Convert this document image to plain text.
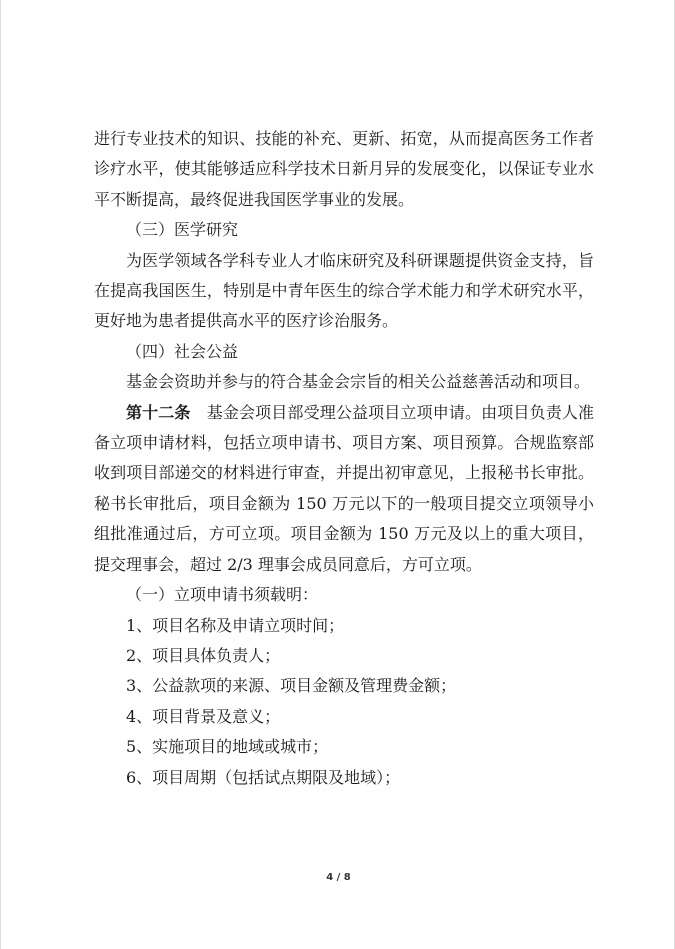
进行专业技术的知识、技能的补充、更新、拓宽，从而提高医务工作者诊疗水平，使其能够适应科学技术日新月异的发展变化，以保证专业水平不断提高，最终促进我国医学事业的发展。

（三）医学研究

为医学领域各学科专业人才临床研究及科研课题提供资金支持，旨在提高我国医生，特别是中青年医生的综合学术能力和学术研究水平，更好地为患者提供高水平的医疗诊治服务。

（四）社会公益

基金会资助并参与的符合基金会宗旨的相关公益慈善活动和项目。

第十二条　 基金会项目部受理公益项目立项申请。由项目负责人准备立项申请材料，包括立项申请书、项目方案、项目预算。合规监察部收到项目部递交的材料进行审查，并提出初审意见，上报秘书长审批。秘书长审批后，项目金额为 150 万元以下的一般项目提交立项领导小组批准通过后，方可立项。项目金额为 150 万元及以上的重大项目，提交理事会，超过 2/3 理事会成员同意后，方可立项。

（一）立项申请书须载明：

1、项目名称及申请立项时间；

2、项目具体负责人；

3、公益款项的来源、项目金额及管理费金额；

4、项目背景及意义；

5、实施项目的地域或城市；

6、项目周期（包括试点期限及地域）；

4 / 8
